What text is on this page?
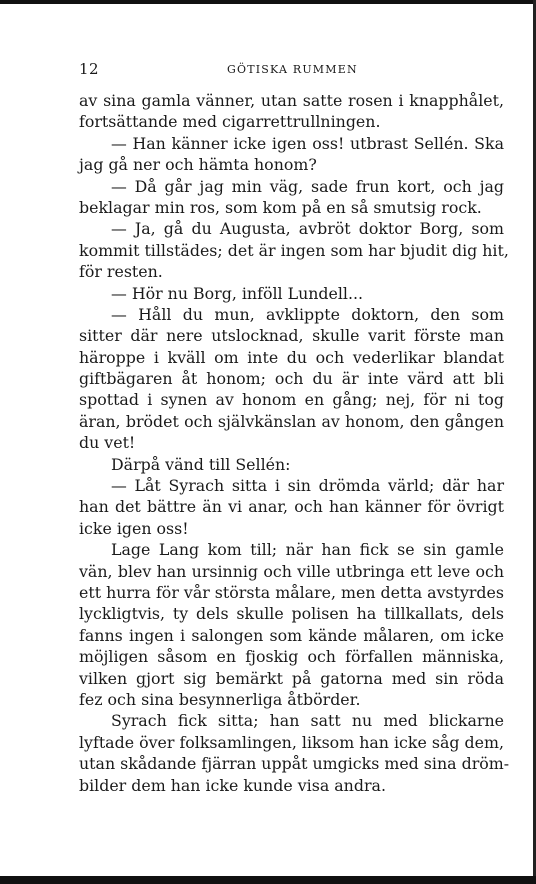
12	GÖTISKA RUMMEN
av sina gamla vänner, utan satte rosen i knapphålet,
fortsättande med cigarrettrullningen.
— Han känner icke igen oss! utbrast Sellén. Ska
jag gå ner och hämta honom?
— Då går jag min väg, sade frun kort, och jag
beklagar min ros, som kom på en så smutsig rock.
— Ja, gå du Augusta, avbröt doktor Borg, som
kommit tillstädes; det är ingen som har bjudit dig hit,
för resten.
— Hör nu Borg, inföll Lundell...
— Håll du mun, avklippte doktorn, den som
sitter där nere utslocknad, skulle varit förste man
häroppe i kväll om inte du och vederlikar blandat
giftbägaren åt honom; och du är inte värd att bli
spottad i synen av honom en gång; nej, för ni tog
äran, brödet och självkänslan av honom, den gången
du vet!
Därpå vänd till Sellén:
— Låt Syrach sitta i sin drömda värld; där har
han det bättre än vi anar, och han känner för övrigt
icke igen oss!
Lage Lang kom till; när han fick se sin gamle
vän, blev han ursinnig och ville utbringa ett leve och
ett hurra för vår största målare, men detta avstyrdes
lyckligtvis, ty dels skulle polisen ha tillkallats, dels
fanns ingen i salongen som kände målaren, om icke
möjligen såsom en fjoskig och förfallen människa,
vilken gjort sig bemärkt på gatorna med sin röda
fez och sina besynnerliga åtbörder.
Syrach fick sitta; han satt nu med blickarne
lyftade över folksamlingen, liksom han icke såg dem,
utan skådande fjärran uppåt umgicks med sina dröm-
bilder dem han icke kunde visa andra.
